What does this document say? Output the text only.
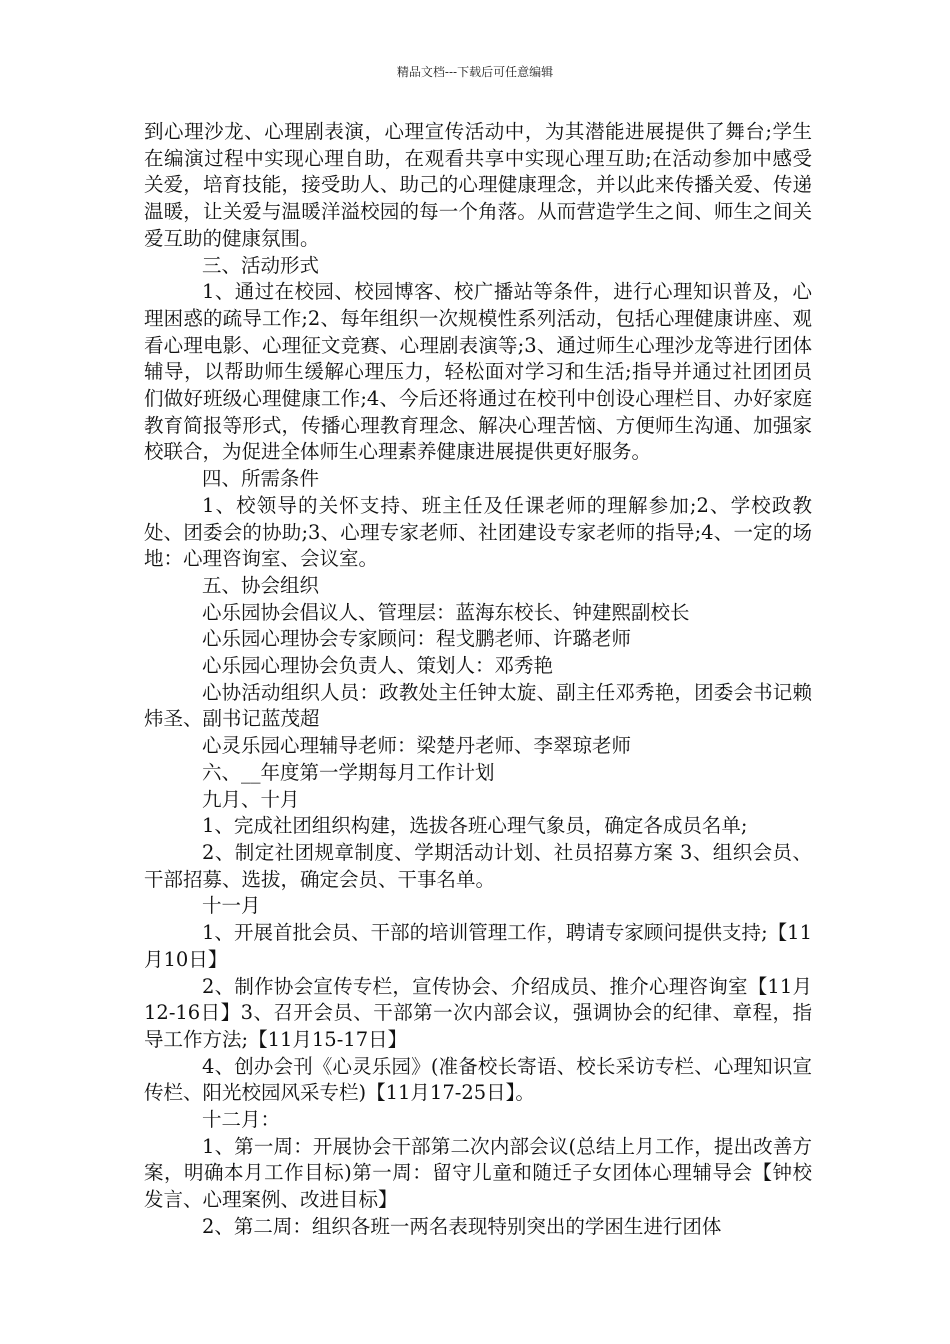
精品文档---下载后可任意编辑

到心理沙龙、心理剧表演，心理宣传活动中，为其潜能进展提供了舞台;学生在编演过程中实现心理自助，在观看共享中实现心理互助;在活动参加中感受关爱，培育技能，接受助人、助己的心理健康理念，并以此来传播关爱、传递温暖，让关爱与温暖洋溢校园的每一个角落。从而营造学生之间、师生之间关爱互助的健康氛围。

三、活动形式

1、通过在校园、校园博客、校广播站等条件，进行心理知识普及，心理困惑的疏导工作;2、每年组织一次规模性系列活动，包括心理健康讲座、观看心理电影、心理征文竞赛、心理剧表演等;3、通过师生心理沙龙等进行团体辅导，以帮助师生缓解心理压力，轻松面对学习和生活;指导并通过社团团员们做好班级心理健康工作;4、今后还将通过在校刊中创设心理栏目、办好家庭教育简报等形式，传播心理教育理念、解决心理苦恼、方便师生沟通、加强家校联合，为促进全体师生心理素养健康进展提供更好服务。

四、所需条件

1、校领导的关怀支持、班主任及任课老师的理解参加;2、学校政教处、团委会的协助;3、心理专家老师、社团建设专家老师的指导;4、一定的场地：心理咨询室、会议室。

五、协会组织

心乐园协会倡议人、管理层：蓝海东校长、钟建熙副校长

心乐园心理协会专家顾问：程戈鹏老师、许璐老师

心乐园心理协会负责人、策划人：邓秀艳

心协活动组织人员：政教处主任钟太旋、副主任邓秀艳，团委会书记赖炜圣、副书记蓝茂超

心灵乐园心理辅导老师：梁楚丹老师、李翠琼老师

六、__年度第一学期每月工作计划

九月、十月

1、完成社团组织构建，选拔各班心理气象员，确定各成员名单;

2、制定社团规章制度、学期活动计划、社员招募方案 3、组织会员、干部招募、选拔，确定会员、干事名单。

十一月

1、开展首批会员、干部的培训管理工作，聘请专家顾问提供支持;【11月10日】

2、制作协会宣传专栏，宣传协会、介绍成员、推介心理咨询室【11月12-16日】3、召开会员、干部第一次内部会议，强调协会的纪律、章程，指导工作方法;【11月15-17日】

4、创办会刊《心灵乐园》(准备校长寄语、校长采访专栏、心理知识宣传栏、阳光校园风采专栏)【11月17-25日】。

十二月：

1、第一周：开展协会干部第二次内部会议(总结上月工作，提出改善方案，明确本月工作目标)第一周：留守儿童和随迁子女团体心理辅导会【钟校发言、心理案例、改进目标】

2、第二周：组织各班一两名表现特别突出的学困生进行团体
